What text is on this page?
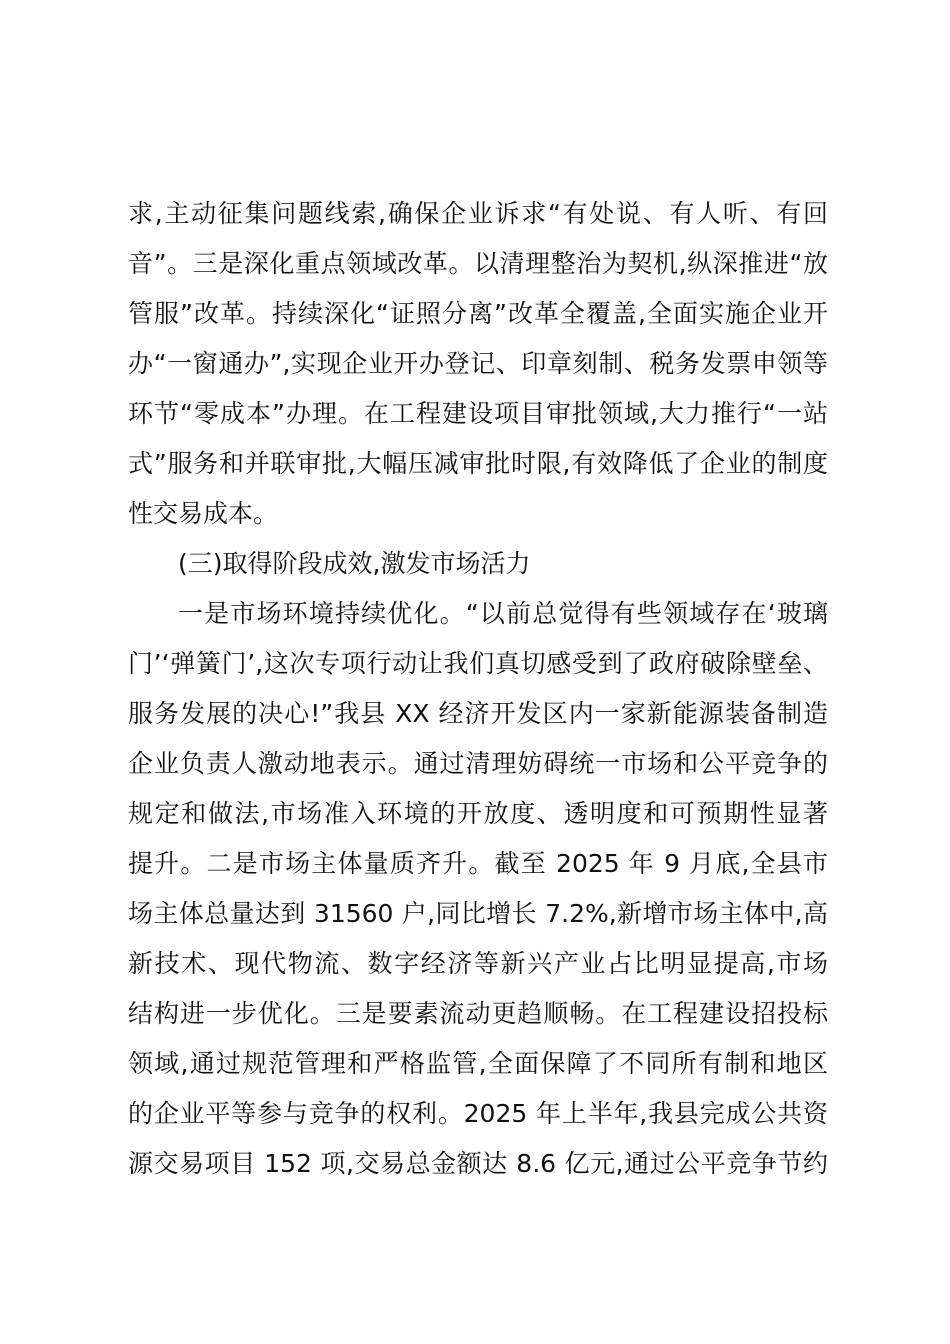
求,主动征集问题线索,确保企业诉求“有处说、有人听、有回
音”。三是深化重点领域改革。以清理整治为契机,纵深推进“放
管服”改革。持续深化“证照分离”改革全覆盖,全面实施企业开
办“一窗通办”,实现企业开办登记、印章刻制、税务发票申领等
环节“零成本”办理。在工程建设项目审批领域,大力推行“一站
式”服务和并联审批,大幅压减审批时限,有效降低了企业的制度
性交易成本。
(三)取得阶段成效,激发市场活力
一是市场环境持续优化。“以前总觉得有些领域存在‘玻璃
门’‘弹簧门’,这次专项行动让我们真切感受到了政府破除壁垒、
服务发展的决心!”我县 XX 经济开发区内一家新能源装备制造
企业负责人激动地表示。通过清理妨碍统一市场和公平竞争的
规定和做法,市场准入环境的开放度、透明度和可预期性显著
提升。二是市场主体量质齐升。截至 2025 年 9 月底,全县市
场主体总量达到 31560 户,同比增长 7.2%,新增市场主体中,高
新技术、现代物流、数字经济等新兴产业占比明显提高,市场
结构进一步优化。三是要素流动更趋顺畅。在工程建设招投标
领域,通过规范管理和严格监管,全面保障了不同所有制和地区
的企业平等参与竞争的权利。2025 年上半年,我县完成公共资
源交易项目 152 项,交易总金额达 8.6 亿元,通过公平竞争节约
